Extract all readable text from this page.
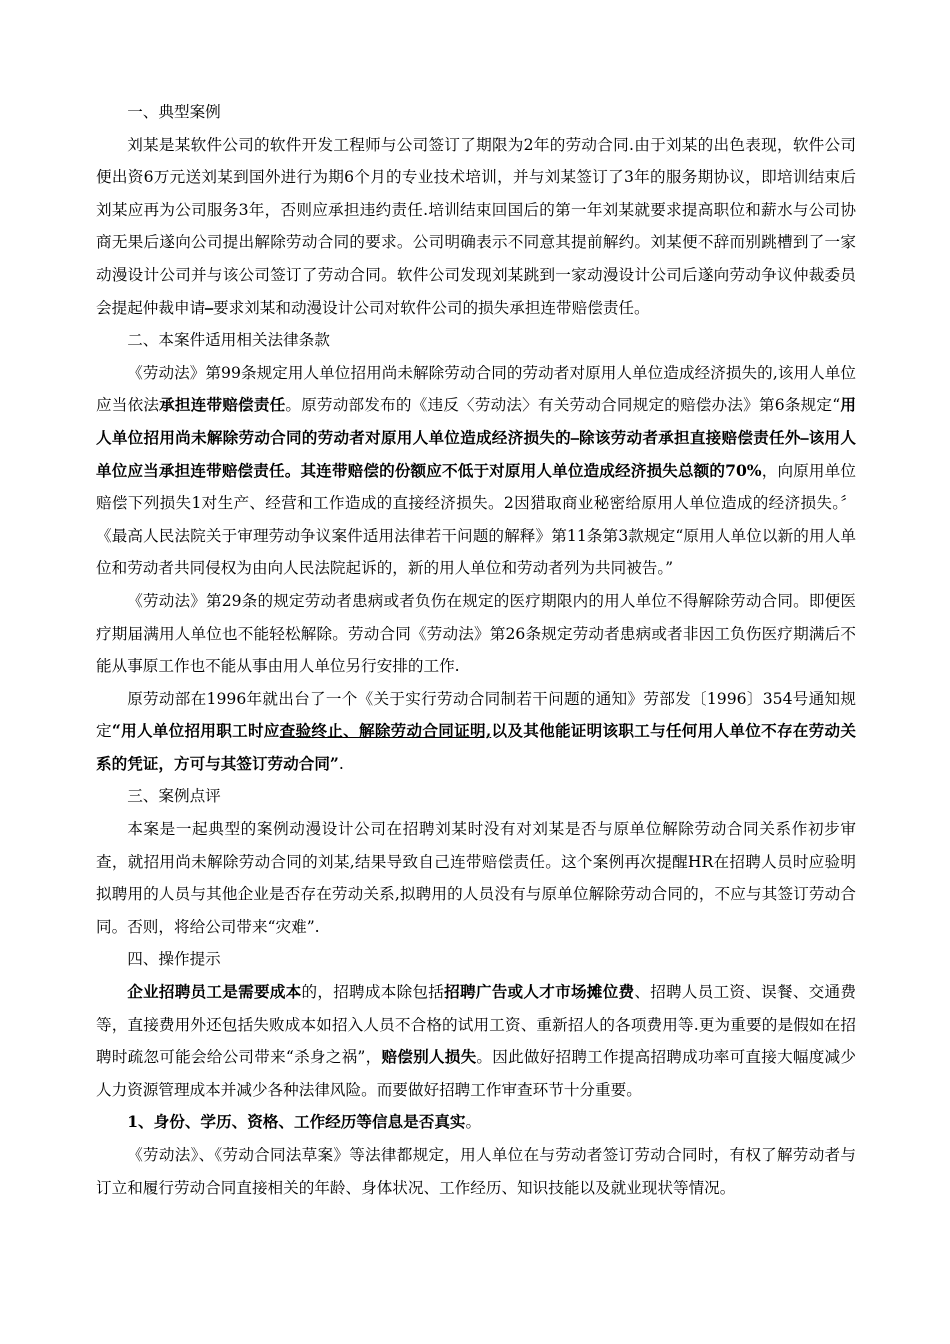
一、典型案例

刘某是某软件公司的软件开发工程师与公司签订了期限为2年的劳动合同.由于刘某的出色表现，软件公司便出资6万元送刘某到国外进行为期6个月的专业技术培训，并与刘某签订了3年的服务期协议，即培训结束后刘某应再为公司服务3年，否则应承担违约责任.培训结束回国后的第一年刘某就要求提高职位和薪水与公司协商无果后遂向公司提出解除劳动合同的要求。公司明确表示不同意其提前解约。刘某便不辞而别跳槽到了一家动漫设计公司并与该公司签订了劳动合同。软件公司发现刘某跳到一家动漫设计公司后遂向劳动争议仲裁委员会提起仲裁申请⎯要求刘某和动漫设计公司对软件公司的损失承担连带赔偿责任。

二、本案件适用相关法律条款

《劳动法》第99条规定用人单位招用尚未解除劳动合同的劳动者对原用人单位造成经济损失的,该用人单位应当依法承担连带赔偿责任。原劳动部发布的《违反〈劳动法〉有关劳动合同规定的赔偿办法》第6条规定“用人单位招用尚未解除劳动合同的劳动者对原用人单位造成经济损失的⎯除该劳动者承担直接赔偿责任外⎯该用人单位应当承担连带赔偿责任。其连带赔偿的份额应不低于对原用人单位造成经济损失总额的70%，向原用单位赔偿下列损失1对生产、经营和工作造成的直接经济损失。2因猎取商业秘密给原用人单位造成的经济损失。〞《最高人民法院关于审理劳动争议案件适用法律若干问题的解释》第11条第3款规定“原用人单位以新的用人单位和劳动者共同侵权为由向人民法院起诉的，新的用人单位和劳动者列为共同被告。”

《劳动法》第29条的规定劳动者患病或者负伤在规定的医疗期限内的用人单位不得解除劳动合同。即便医疗期届满用人单位也不能轻松解除。劳动合同《劳动法》第26条规定劳动者患病或者非因工负伤医疗期满后不能从事原工作也不能从事由用人单位另行安排的工作.

原劳动部在1996年就出台了一个《关于实行劳动合同制若干问题的通知》劳部发〔1996〕354号通知规定“用人单位招用职工时应查验终止、解除劳动合同证明,以及其他能证明该职工与任何用人单位不存在劳动关系的凭证，方可与其签订劳动合同”.

三、案例点评

本案是一起典型的案例动漫设计公司在招聘刘某时没有对刘某是否与原单位解除劳动合同关系作初步审查，就招用尚未解除劳动合同的刘某,结果导致自己连带赔偿责任。这个案例再次提醒HR在招聘人员时应验明拟聘用的人员与其他企业是否存在劳动关系,拟聘用的人员没有与原单位解除劳动合同的，不应与其签订劳动合同。否则，将给公司带来“灾难”.

四、操作提示

企业招聘员工是需要成本的，招聘成本除包括招聘广告或人才市场摊位费、招聘人员工资、误餐、交通费等，直接费用外还包括失败成本如招入人员不合格的试用工资、重新招人的各项费用等.更为重要的是假如在招聘时疏忽可能会给公司带来“杀身之祸”，赔偿别人损失。因此做好招聘工作提高招聘成功率可直接大幅度减少人力资源管理成本并减少各种法律风险。而要做好招聘工作审查环节十分重要。

1、身份、学历、资格、工作经历等信息是否真实。

《劳动法》、《劳动合同法草案》等法律都规定，用人单位在与劳动者签订劳动合同时，有权了解劳动者与订立和履行劳动合同直接相关的年龄、身体状况、工作经历、知识技能以及就业现状等情况。
